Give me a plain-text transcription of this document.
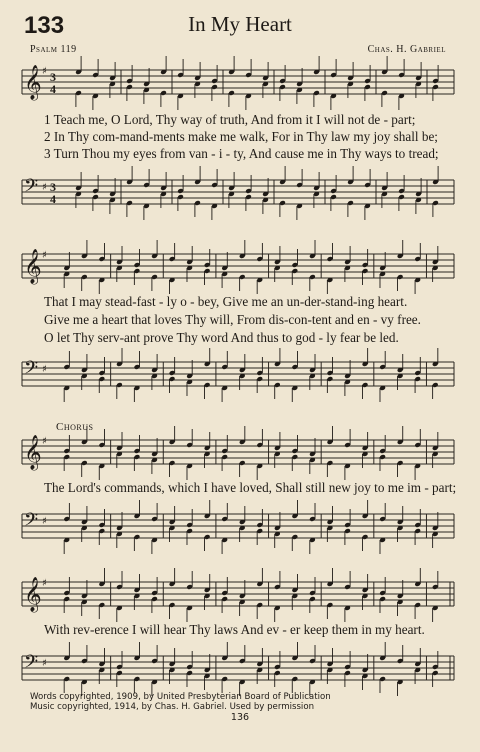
133	In My Heart
Psalm 119	Chas. H. Gabriel
𝄞 ♯ 3
4
1 Teach me, O Lord, Thy way of truth, And from it I will not de - part;
2 In Thy com-mand-ments make me walk, For in Thy law my joy shall be;
3 Turn Thou my eyes from van - i - ty, And cause me in Thy ways to tread;
𝄢 ♯ 3
4
𝄞 ♯
That I may stead-fast - ly o - bey, Give me an un-der-stand-ing heart.
Give me a heart that loves Thy will, From dis-con-tent and en - vy free.
O let Thy serv-ant prove Thy word And thus to god - ly fear be led.
𝄢 ♯
Chorus
𝄞 ♯
The Lord's commands, which I have loved, Shall still new joy to me im - part;
𝄢 ♯
𝄞 ♯
With rev-erence I will hear Thy laws And ev - er keep them in my heart.
𝄢 ♯
Words copyrighted, 1909, by United Presbyterian Board of Publication
Music copyrighted, 1914, by Chas. H. Gabriel. Used by permission
136
